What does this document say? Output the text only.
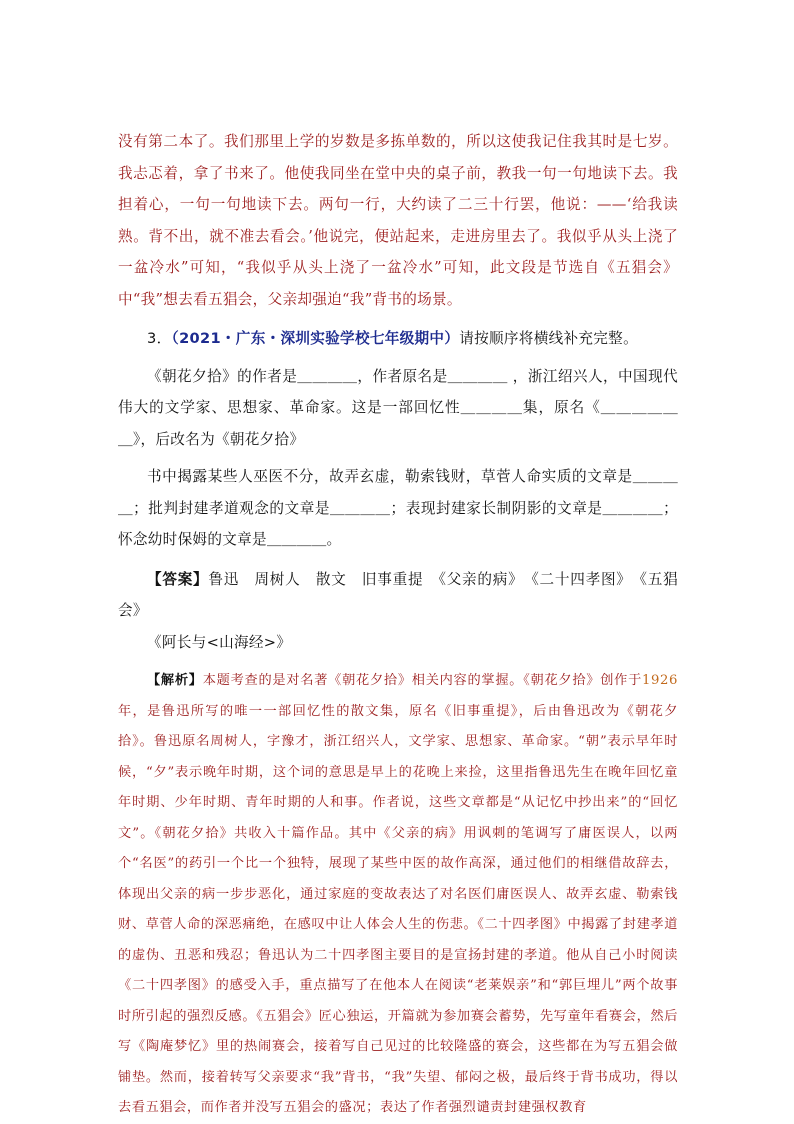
没有第二本了。我们那里上学的岁数是多拣单数的，所以这使我记住我其时是七岁。我忐忑着，拿了书来了。他使我同坐在堂中央的桌子前，教我一句一句地读下去。我担着心，一句一句地读下去。两句一行，大约读了二三十行罢，他说：——‘给我读熟。背不出，就不准去看会。’他说完，便站起来，走进房里去了。我似乎从头上浇了一盆冷水”可知，“我似乎从头上浇了一盆冷水”可知，此文段是节选自《五猖会》中“我”想去看五猖会，父亲却强迫“我”背书的场景。

3．（2021・广东・深圳实验学校七年级期中）请按顺序将横线补充完整。

《朝花夕拾》的作者是＿＿＿＿，作者原名是＿＿＿＿ ，浙江绍兴人，中国现代伟大的文学家、思想家、革命家。这是一部回忆性＿＿＿＿集，原名《＿＿＿＿＿＿》，后改名为《朝花夕拾》

书中揭露某些人巫医不分，故弄玄虚，勒索钱财，草菅人命实质的文章是＿＿＿＿；批判封建孝道观念的文章是＿＿＿＿；表现封建家长制阴影的文章是＿＿＿＿；怀念幼时保姆的文章是＿＿＿＿。

【答案】鲁迅　周树人　散文　旧事重提　《父亲的病》　《二十四孝图》　《五猖会》

《阿长与<山海经>》

【解析】本题考查的是对名著《朝花夕拾》相关内容的掌握。《朝花夕拾》创作于1926年，是鲁迅所写的唯一一部回忆性的散文集，原名《旧事重提》，后由鲁迅改为《朝花夕拾》。鲁迅原名周树人，字豫才，浙江绍兴人，文学家、思想家、革命家。“朝”表示早年时候，“夕”表示晚年时期，这个词的意思是早上的花晚上来捡，这里指鲁迅先生在晚年回忆童年时期、少年时期、青年时期的人和事。作者说，这些文章都是“从记忆中抄出来”的“回忆文”。《朝花夕拾》共收入十篇作品。其中《父亲的病》用讽刺的笔调写了庸医误人，以两个“名医”的药引一个比一个独特，展现了某些中医的故作高深，通过他们的相继借故辞去，体现出父亲的病一步步恶化，通过家庭的变故表达了对名医们庸医误人、故弄玄虚、勒索钱财、草菅人命的深恶痛绝，在感叹中让人体会人生的伤悲。《二十四孝图》中揭露了封建孝道的虚伪、丑恶和残忍；鲁迅认为二十四孝图主要目的是宣扬封建的孝道。他从自己小时阅读《二十四孝图》的感受入手，重点描写了在他本人在阅读“老莱娱亲”和“郭巨埋儿”两个故事时所引起的强烈反感。《五猖会》匠心独运，开篇就为参加赛会蓄势，先写童年看赛会，然后写《陶庵梦忆》里的热闹赛会，接着写自己见过的比较隆盛的赛会，这些都在为写五猖会做铺垫。然而，接着转写父亲要求“我”背书，“我”失望、郁闷之极，最后终于背书成功，得以去看五猖会，而作者并没写五猖会的盛况；表达了作者强烈谴责封建强权教育
